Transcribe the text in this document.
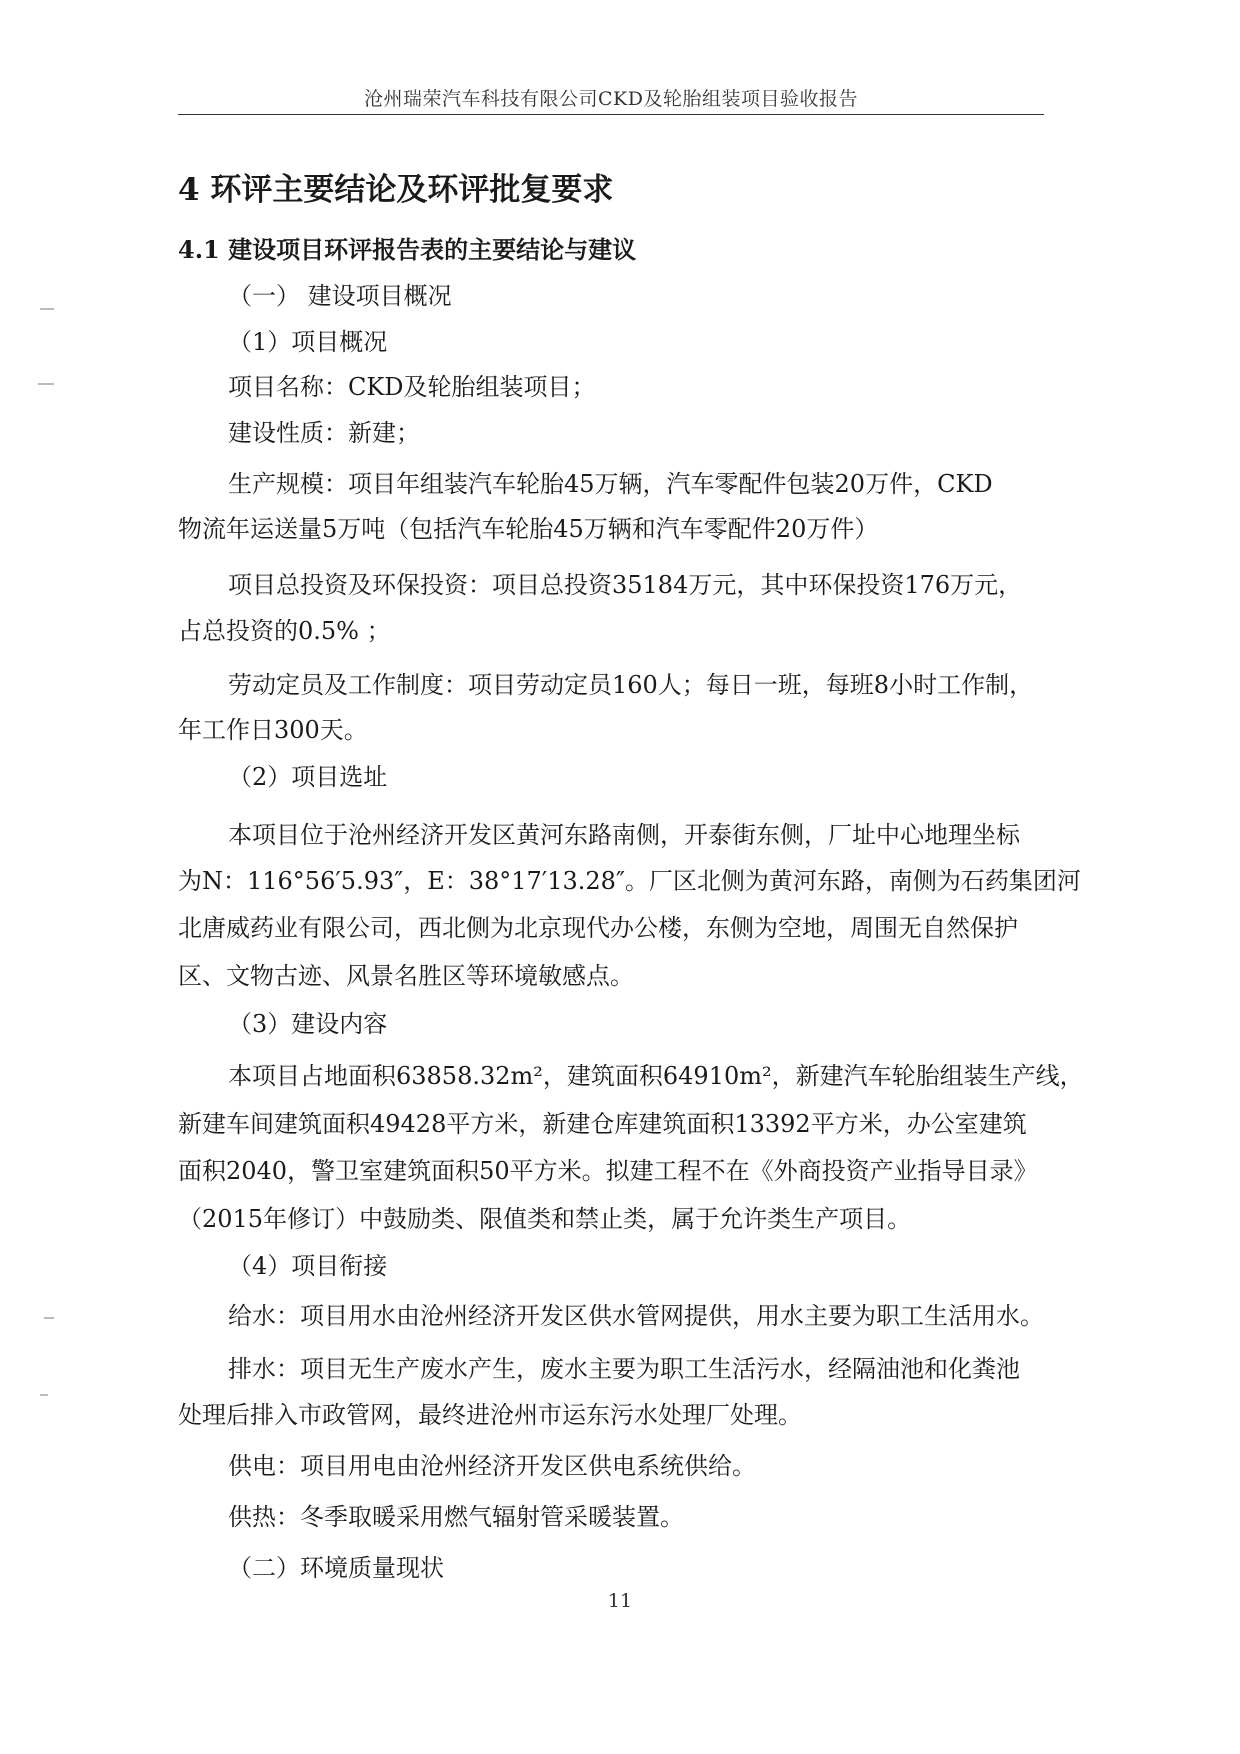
沧州瑞荣汽车科技有限公司CKD及轮胎组装项目验收报告
4 环评主要结论及环评批复要求
4.1 建设项目环评报告表的主要结论与建议
（一） 建设项目概况
（1）项目概况
项目名称：CKD及轮胎组装项目；
建设性质：新建；
生产规模：项目年组装汽车轮胎45万辆，汽车零配件包装20万件，CKD
物流年运送量5万吨（包括汽车轮胎45万辆和汽车零配件20万件）
项目总投资及环保投资：项目总投资35184万元，其中环保投资176万元，
占总投资的0.5% ；
劳动定员及工作制度：项目劳动定员160人；每日一班，每班8小时工作制，
年工作日300天。
（2）项目选址
本项目位于沧州经济开发区黄河东路南侧，开泰街东侧，厂址中心地理坐标
为N：116°56′5.93″，E：38°17′13.28″。厂区北侧为黄河东路，南侧为石药集团河
北唐威药业有限公司，西北侧为北京现代办公楼，东侧为空地，周围无自然保护
区、文物古迹、风景名胜区等环境敏感点。
（3）建设内容
本项目占地面积63858.32m²，建筑面积64910m²，新建汽车轮胎组装生产线，
新建车间建筑面积49428平方米，新建仓库建筑面积13392平方米，办公室建筑
面积2040，警卫室建筑面积50平方米。拟建工程不在《外商投资产业指导目录》
（2015年修订）中鼓励类、限值类和禁止类，属于允许类生产项目。
（4）项目衔接
给水：项目用水由沧州经济开发区供水管网提供，用水主要为职工生活用水。
排水：项目无生产废水产生，废水主要为职工生活污水，经隔油池和化粪池
处理后排入市政管网，最终进沧州市运东污水处理厂处理。
供电：项目用电由沧州经济开发区供电系统供给。
供热：冬季取暖采用燃气辐射管采暖装置。
（二）环境质量现状
11
